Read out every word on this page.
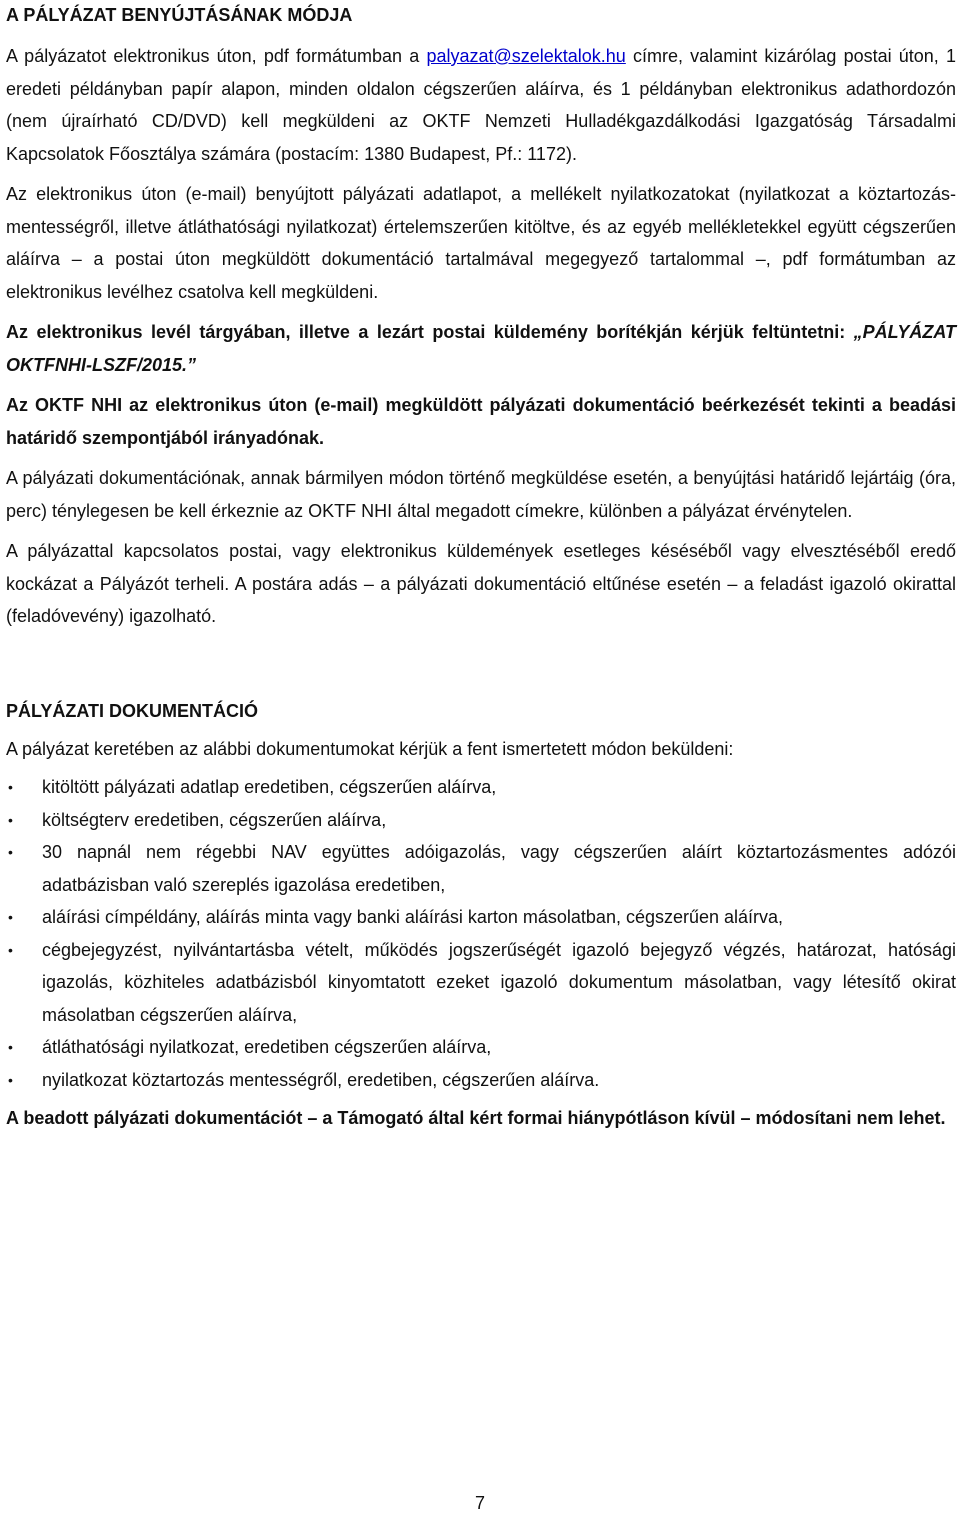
A PÁLYÁZAT BENYÚJTÁSÁNAK MÓDJA

A pályázatot elektronikus úton, pdf formátumban a palyazat@szelektalok.hu címre, valamint kizárólag postai úton, 1 eredeti példányban papír alapon, minden oldalon cégszerűen aláírva, és 1 példányban elektronikus adathordozón (nem újraírható CD/DVD) kell megküldeni az OKTF Nemzeti Hulladékgazdálkodási Igazgatóság Társadalmi Kapcsolatok Főosztálya számára (postacím: 1380 Budapest, Pf.: 1172).

Az elektronikus úton (e-mail) benyújtott pályázati adatlapot, a mellékelt nyilatkozatokat (nyilatkozat a köztartozás-mentességről, illetve átláthatósági nyilatkozat) értelemszerűen kitöltve, és az egyéb mellékletekkel együtt cégszerűen aláírva – a postai úton megküldött dokumentáció tartalmával megegyező tartalommal –, pdf formátumban az elektronikus levélhez csatolva kell megküldeni.

Az elektronikus levél tárgyában, illetve a lezárt postai küldemény borítékján kérjük feltüntetni: „PÁLYÁZAT OKTFNHI-LSZF/2015.”

Az OKTF NHI az elektronikus úton (e-mail) megküldött pályázati dokumentáció beérkezését tekinti a beadási határidő szempontjából irányadónak.

A pályázati dokumentációnak, annak bármilyen módon történő megküldése esetén, a benyújtási határidő lejártáig (óra, perc) ténylegesen be kell érkeznie az OKTF NHI által megadott címekre, különben a pályázat érvénytelen.

A pályázattal kapcsolatos postai, vagy elektronikus küldemények esetleges késéséből vagy elvesztéséből eredő kockázat a Pályázót terheli. A postára adás – a pályázati dokumentáció eltűnése esetén – a feladást igazoló okirattal (feladóvevény) igazolható.

PÁLYÁZATI DOKUMENTÁCIÓ

A pályázat keretében az alábbi dokumentumokat kérjük a fent ismertetett módon beküldeni:

• kitöltött pályázati adatlap eredetiben, cégszerűen aláírva,
• költségterv eredetiben, cégszerűen aláírva,
• 30 napnál nem régebbi NAV együttes adóigazolás, vagy cégszerűen aláírt köztartozásmentes adózói adatbázisban való szereplés igazolása eredetiben,
• aláírási címpéldány, aláírás minta vagy banki aláírási karton másolatban, cégszerűen aláírva,
• cégbejegyzést, nyilvántartásba vételt, működés jogszerűségét igazoló bejegyző végzés, határozat, hatósági igazolás, közhiteles adatbázisból kinyomtatott ezeket igazoló dokumentum másolatban, vagy létesítő okirat másolatban cégszerűen aláírva,
• átláthatósági nyilatkozat, eredetiben cégszerűen aláírva,
• nyilatkozat köztartozás mentességről, eredetiben, cégszerűen aláírva.

A beadott pályázati dokumentációt – a Támogató által kért formai hiánypótláson kívül – módosítani nem lehet.

7
